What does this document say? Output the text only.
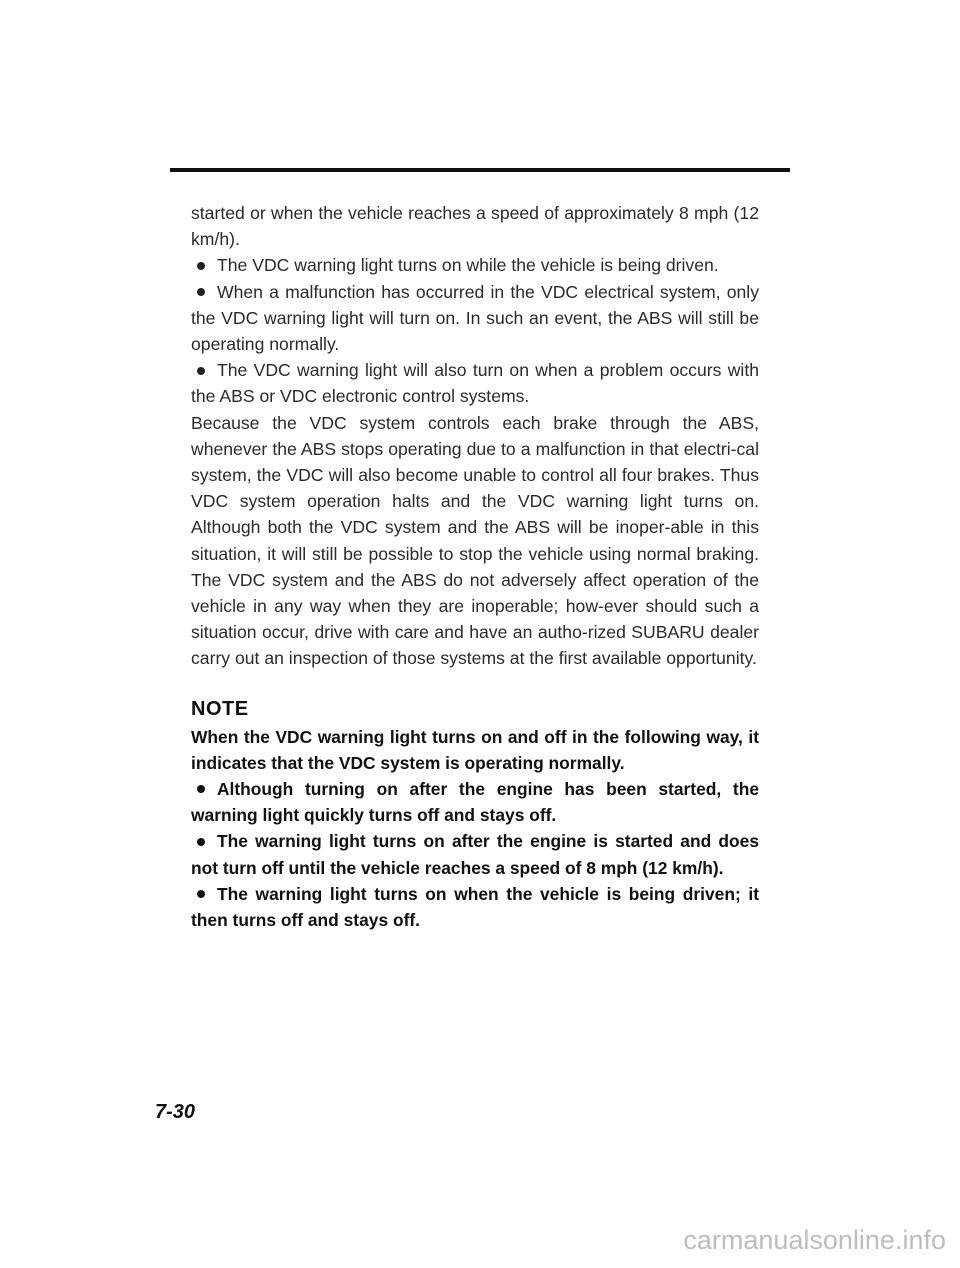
started or when the vehicle reaches a speed of approximately 8 mph (12 km/h).

The VDC warning light turns on while the vehicle is being driven.

When a malfunction has occurred in the VDC electrical system, only the VDC warning light will turn on. In such an event, the ABS will still be operating normally.

The VDC warning light will also turn on when a problem occurs with the ABS or VDC electronic control systems.

Because the VDC system controls each brake through the ABS, whenever the ABS stops operating due to a malfunction in that electri-cal system, the VDC will also become unable to control all four brakes. Thus VDC system operation halts and the VDC warning light turns on. Although both the VDC system and the ABS will be inoper-able in this situation, it will still be possible to stop the vehicle using normal braking. The VDC system and the ABS do not adversely affect operation of the vehicle in any way when they are inoperable; how-ever should such a situation occur, drive with care and have an autho-rized SUBARU dealer carry out an inspection of those systems at the first available opportunity.

NOTE

When the VDC warning light turns on and off in the following way, it indicates that the VDC system is operating normally.

Although turning on after the engine has been started, the warning light quickly turns off and stays off.

The warning light turns on after the engine is started and does not turn off until the vehicle reaches a speed of 8 mph (12 km/h).

The warning light turns on when the vehicle is being driven; it then turns off and stays off.

7-30
carmanualsonline.info
